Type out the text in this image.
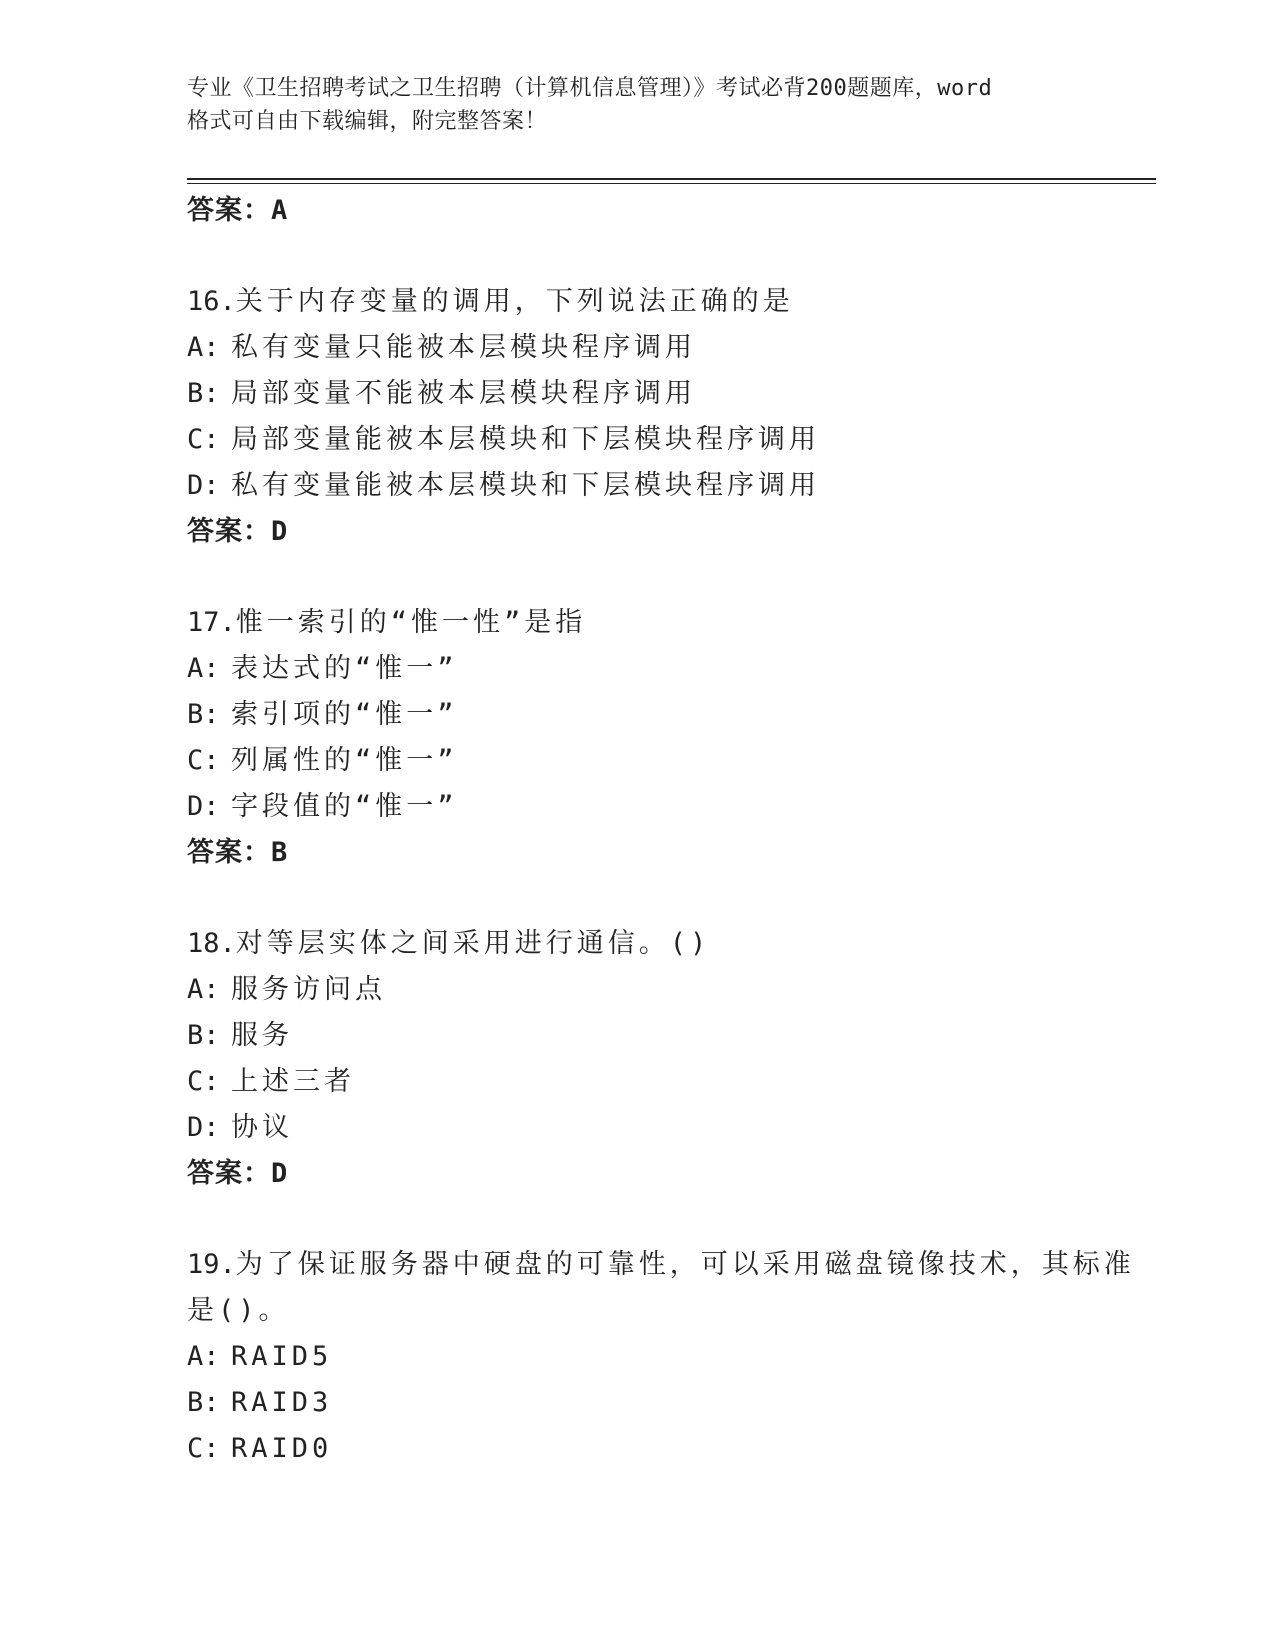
专业《卫生招聘考试之卫生招聘（计算机信息管理）》考试必背200题题库，word
格式可自由下载编辑，附完整答案！
答案：A
16.关于内存变量的调用，下列说法正确的是
A: 私有变量只能被本层模块程序调用
B: 局部变量不能被本层模块程序调用
C: 局部变量能被本层模块和下层模块程序调用
D: 私有变量能被本层模块和下层模块程序调用
答案：D
17.惟一索引的“惟一性”是指
A: 表达式的“惟一”
B: 索引项的“惟一”
C: 列属性的“惟一”
D: 字段值的“惟一”
答案：B
18.对等层实体之间采用进行通信。()
A: 服务访问点
B: 服务
C: 上述三者
D: 协议
答案：D
19.为了保证服务器中硬盘的可靠性，可以采用磁盘镜像技术，其标准
是()。
A: RAID5
B: RAID3
C: RAID0
